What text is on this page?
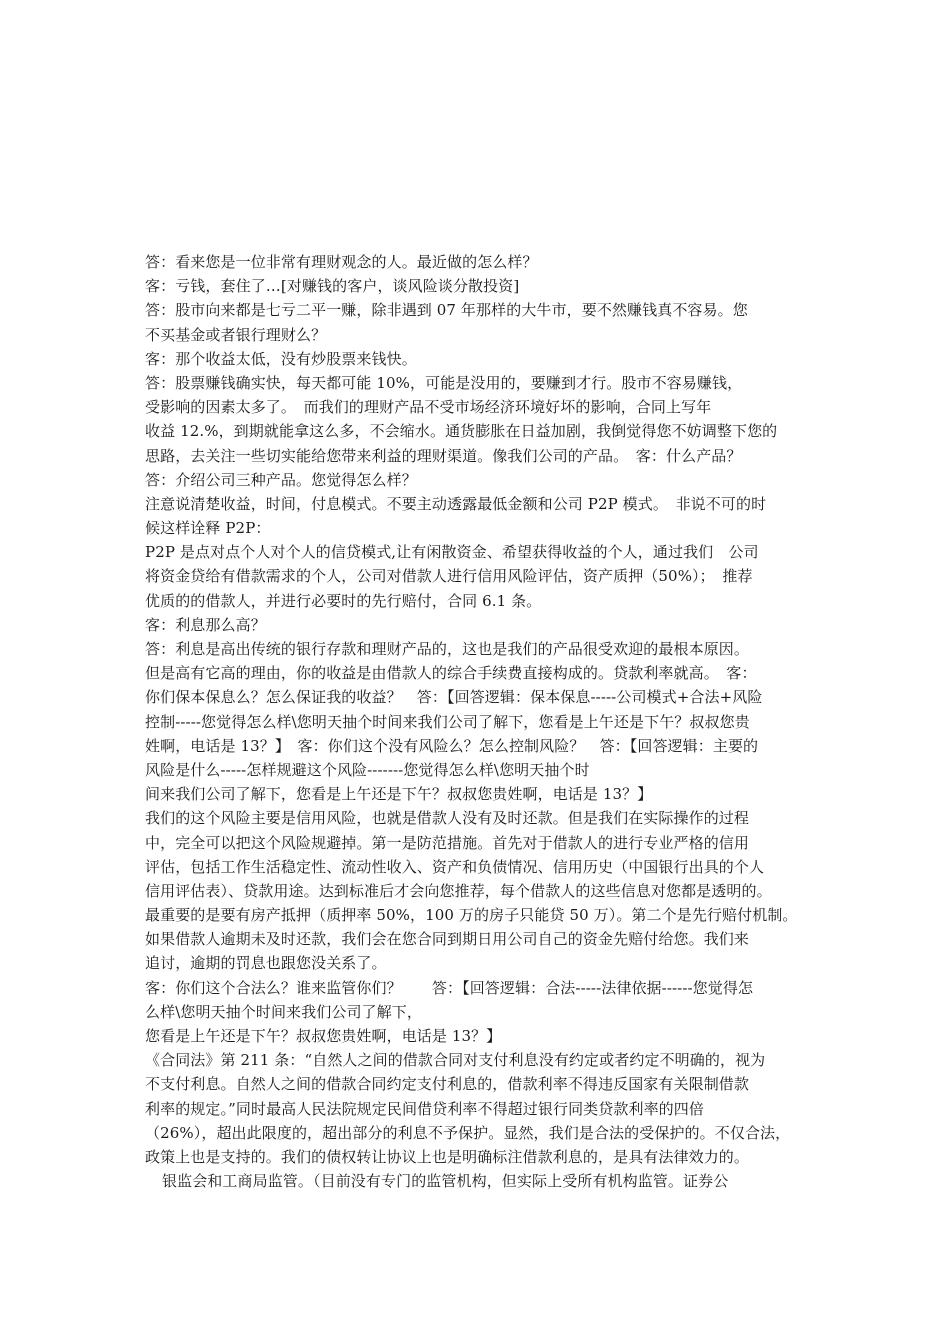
答：看来您是一位非常有理财观念的人。最近做的怎么样？
客：亏钱，套住了…[对赚钱的客户，谈风险谈分散投资]
答：股市向来都是七亏二平一赚，除非遇到 07 年那样的大牛市，要不然赚钱真不容易。您
不买基金或者银行理财么？
客：那个收益太低，没有炒股票来钱快。
答：股票赚钱确实快，每天都可能 10%，可能是没用的，要赚到才行。股市不容易赚钱，
受影响的因素太多了。　而我们的理财产品不受市场经济环境好坏的影响，合同上写年
收益 12.%，到期就能拿这么多，不会缩水。通货膨胀在日益加剧，我倒觉得您不妨调整下您的
思路，去关注一些切实能给您带来利益的理财渠道。像我们公司的产品。　客：什么产品？
答：介绍公司三种产品。您觉得怎么样？
注意说清楚收益，时间，付息模式。不要主动透露最低金额和公司 P2P 模式。　非说不可的时
候这样诠释 P2P：
P2P 是点对点个人对个人的信贷模式,让有闲散资金、希望获得收益的个人，通过我们　公司
将资金贷给有借款需求的个人，公司对借款人进行信用风险评估，资产质押（50%）；　推荐
优质的的借款人，并进行必要时的先行赔付，合同 6.1 条。
客：利息那么高？
答：利息是高出传统的银行存款和理财产品的，这也是我们的产品很受欢迎的最根本原因。
但是高有它高的理由，你的收益是由借款人的综合手续费直接构成的。贷款利率就高。　客：
你们保本保息么？怎么保证我的收益？　答：【回答逻辑：保本保息-----公司模式+合法+风险
控制-----您觉得怎么样\您明天抽个时间来我们公司了解下，您看是上午还是下午？叔叔您贵
姓啊，电话是 13？】　客：你们这个没有风险么？怎么控制风险？　答：【回答逻辑：主要的
风险是什么-----怎样规避这个风险-------您觉得怎么样\您明天抽个时
间来我们公司了解下，您看是上午还是下午？叔叔您贵姓啊，电话是 13？】
我们的这个风险主要是信用风险，也就是借款人没有及时还款。但是我们在实际操作的过程
中，完全可以把这个风险规避掉。第一是防范措施。首先对于借款人的进行专业严格的信用
评估，包括工作生活稳定性、流动性收入、资产和负债情况、信用历史（中国银行出具的个人
信用评估表）、贷款用途。达到标准后才会向您推荐，每个借款人的这些信息对您都是透明的。
最重要的是要有房产抵押（质押率 50%，100 万的房子只能贷 50 万）。第二个是先行赔付机制。
如果借款人逾期未及时还款，我们会在您合同到期日用公司自己的资金先赔付给您。我们来
追讨，逾期的罚息也跟您没关系了。
客：你们这个合法么？谁来监管你们？　　答：【回答逻辑：合法-----法律依据------您觉得怎
么样\您明天抽个时间来我们公司了解下，
您看是上午还是下午？叔叔您贵姓啊，电话是 13？】
《合同法》第 211 条：“自然人之间的借款合同对支付利息没有约定或者约定不明确的，视为
不支付利息。自然人之间的借款合同约定支付利息的，借款利率不得违反国家有关限制借款
利率的规定。”同时最高人民法院规定民间借贷利率不得超过银行同类贷款利率的四倍
（26%），超出此限度的，超出部分的利息不予保护。显然，我们是合法的受保护的。不仅合法，
政策上也是支持的。我们的债权转让协议上也是明确标注借款利息的，是具有法律效力的。
银监会和工商局监管。（目前没有专门的监管机构，但实际上受所有机构监管。证券公
